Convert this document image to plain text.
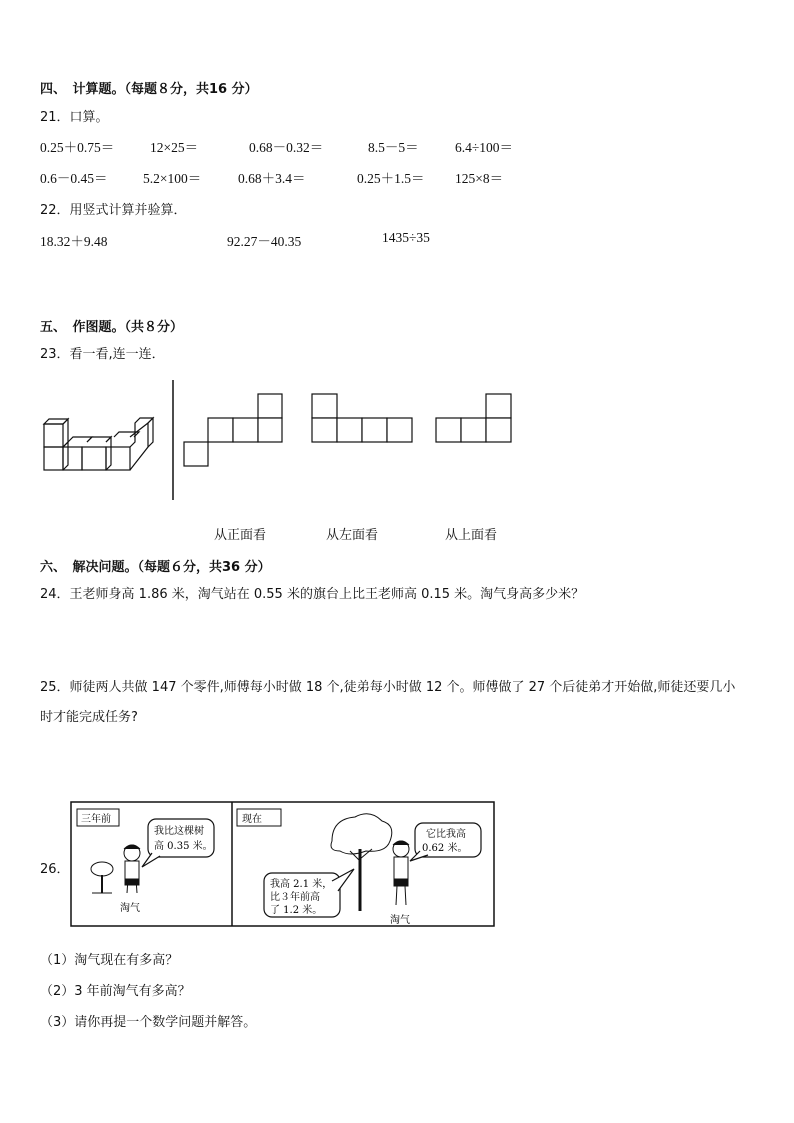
四、　计算题。（每题８分，共16 分）
21．口算。
0.25＋0.75＝	12×25＝	0.68－0.32＝	8.5－5＝	6.4÷100＝
0.6－0.45＝	5.2×100＝	0.68＋3.4＝	0.25＋1.5＝ 125×8＝
22．用竖式计算并验算．
18.32＋9.48	92.27－40.35	1435÷35
五、　作图题。（共８分）
23．看一看,连一连．
从正面看	从左面看	从上面看
六、　解决问题。（每题６分，共36 分）
24．王老师身高 1.86 米，淘气站在 0.55 米的旗台上比王老师高 0.15 米。淘气身高多少米？
25．师徒两人共做 147 个零件,师傅每小时做 18 个,徒弟每小时做 12 个。师傅做了 27 个后徒弟才开始做,师徒还要几小
时才能完成任务?
26．
三年前
我比这棵树
高 0.35 米。
淘气
现在
我高 2.1 米，
比３年前高
了 1.2 米。
它比我高
0.62 米。
淘气
（1）淘气现在有多高？
（2）3 年前淘气有多高？
（3）请你再提一个数学问题并解答。
